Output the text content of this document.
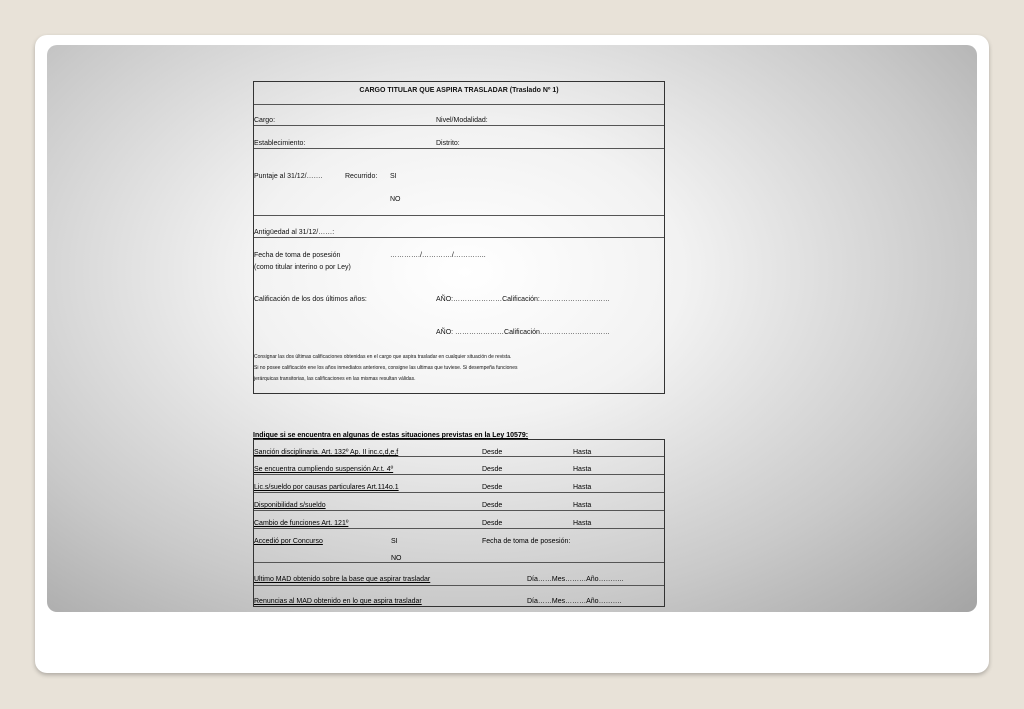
CARGO TITULAR QUE ASPIRA TRASLADAR (Traslado Nº 1)
Cargo:	Nivel/Modalidad:
Establecimiento:	Distrito:
Puntaje al 31/12/…….	Recurrido: SI
NO
Antigüedad al 31/12/……:
Fecha de toma de posesión
(como titular interino o por Ley)
…………./…………./…………..
Calificación de los dos últimos años:	AÑO:…………………Calificación:…………………………
AÑO: …………………Calificación…………………………
Consignar las dos últimas calificaciones obtenidas en el cargo que aspira trasladar en cualquier situación de revista.
Si no posee calificación ene los años inmediatos anteriores, consigne las ultimas que tuviese. Si desempeña funciones
jerárquicas transitorias, las calificaciones en las mismas resultan válidas.
Indique si se encuentra en algunas de estas situaciones previstas en la Ley 10579:
Sanción disciplinaria. Art. 132º Ap. II inc.c,d,e,f	Desde	Hasta
Se encuentra cumpliendo suspensión Ar.t. 4º	Desde	Hasta
Lic.s/sueldo por causas particulares Art.114o.1	Desde	Hasta
Disponibilidad s/sueldo	Desde	Hasta
Cambio de funciones Art. 121º	Desde	Hasta
Accedió por Concurso	SI	Fecha de toma de posesión:
NO
Ultimo MAD obtenido sobre la base que aspirar trasladar	Día……Mes………Año………..
Renuncias al MAD obtenido en lo que aspira trasladar	Día……Mes………Año……….
